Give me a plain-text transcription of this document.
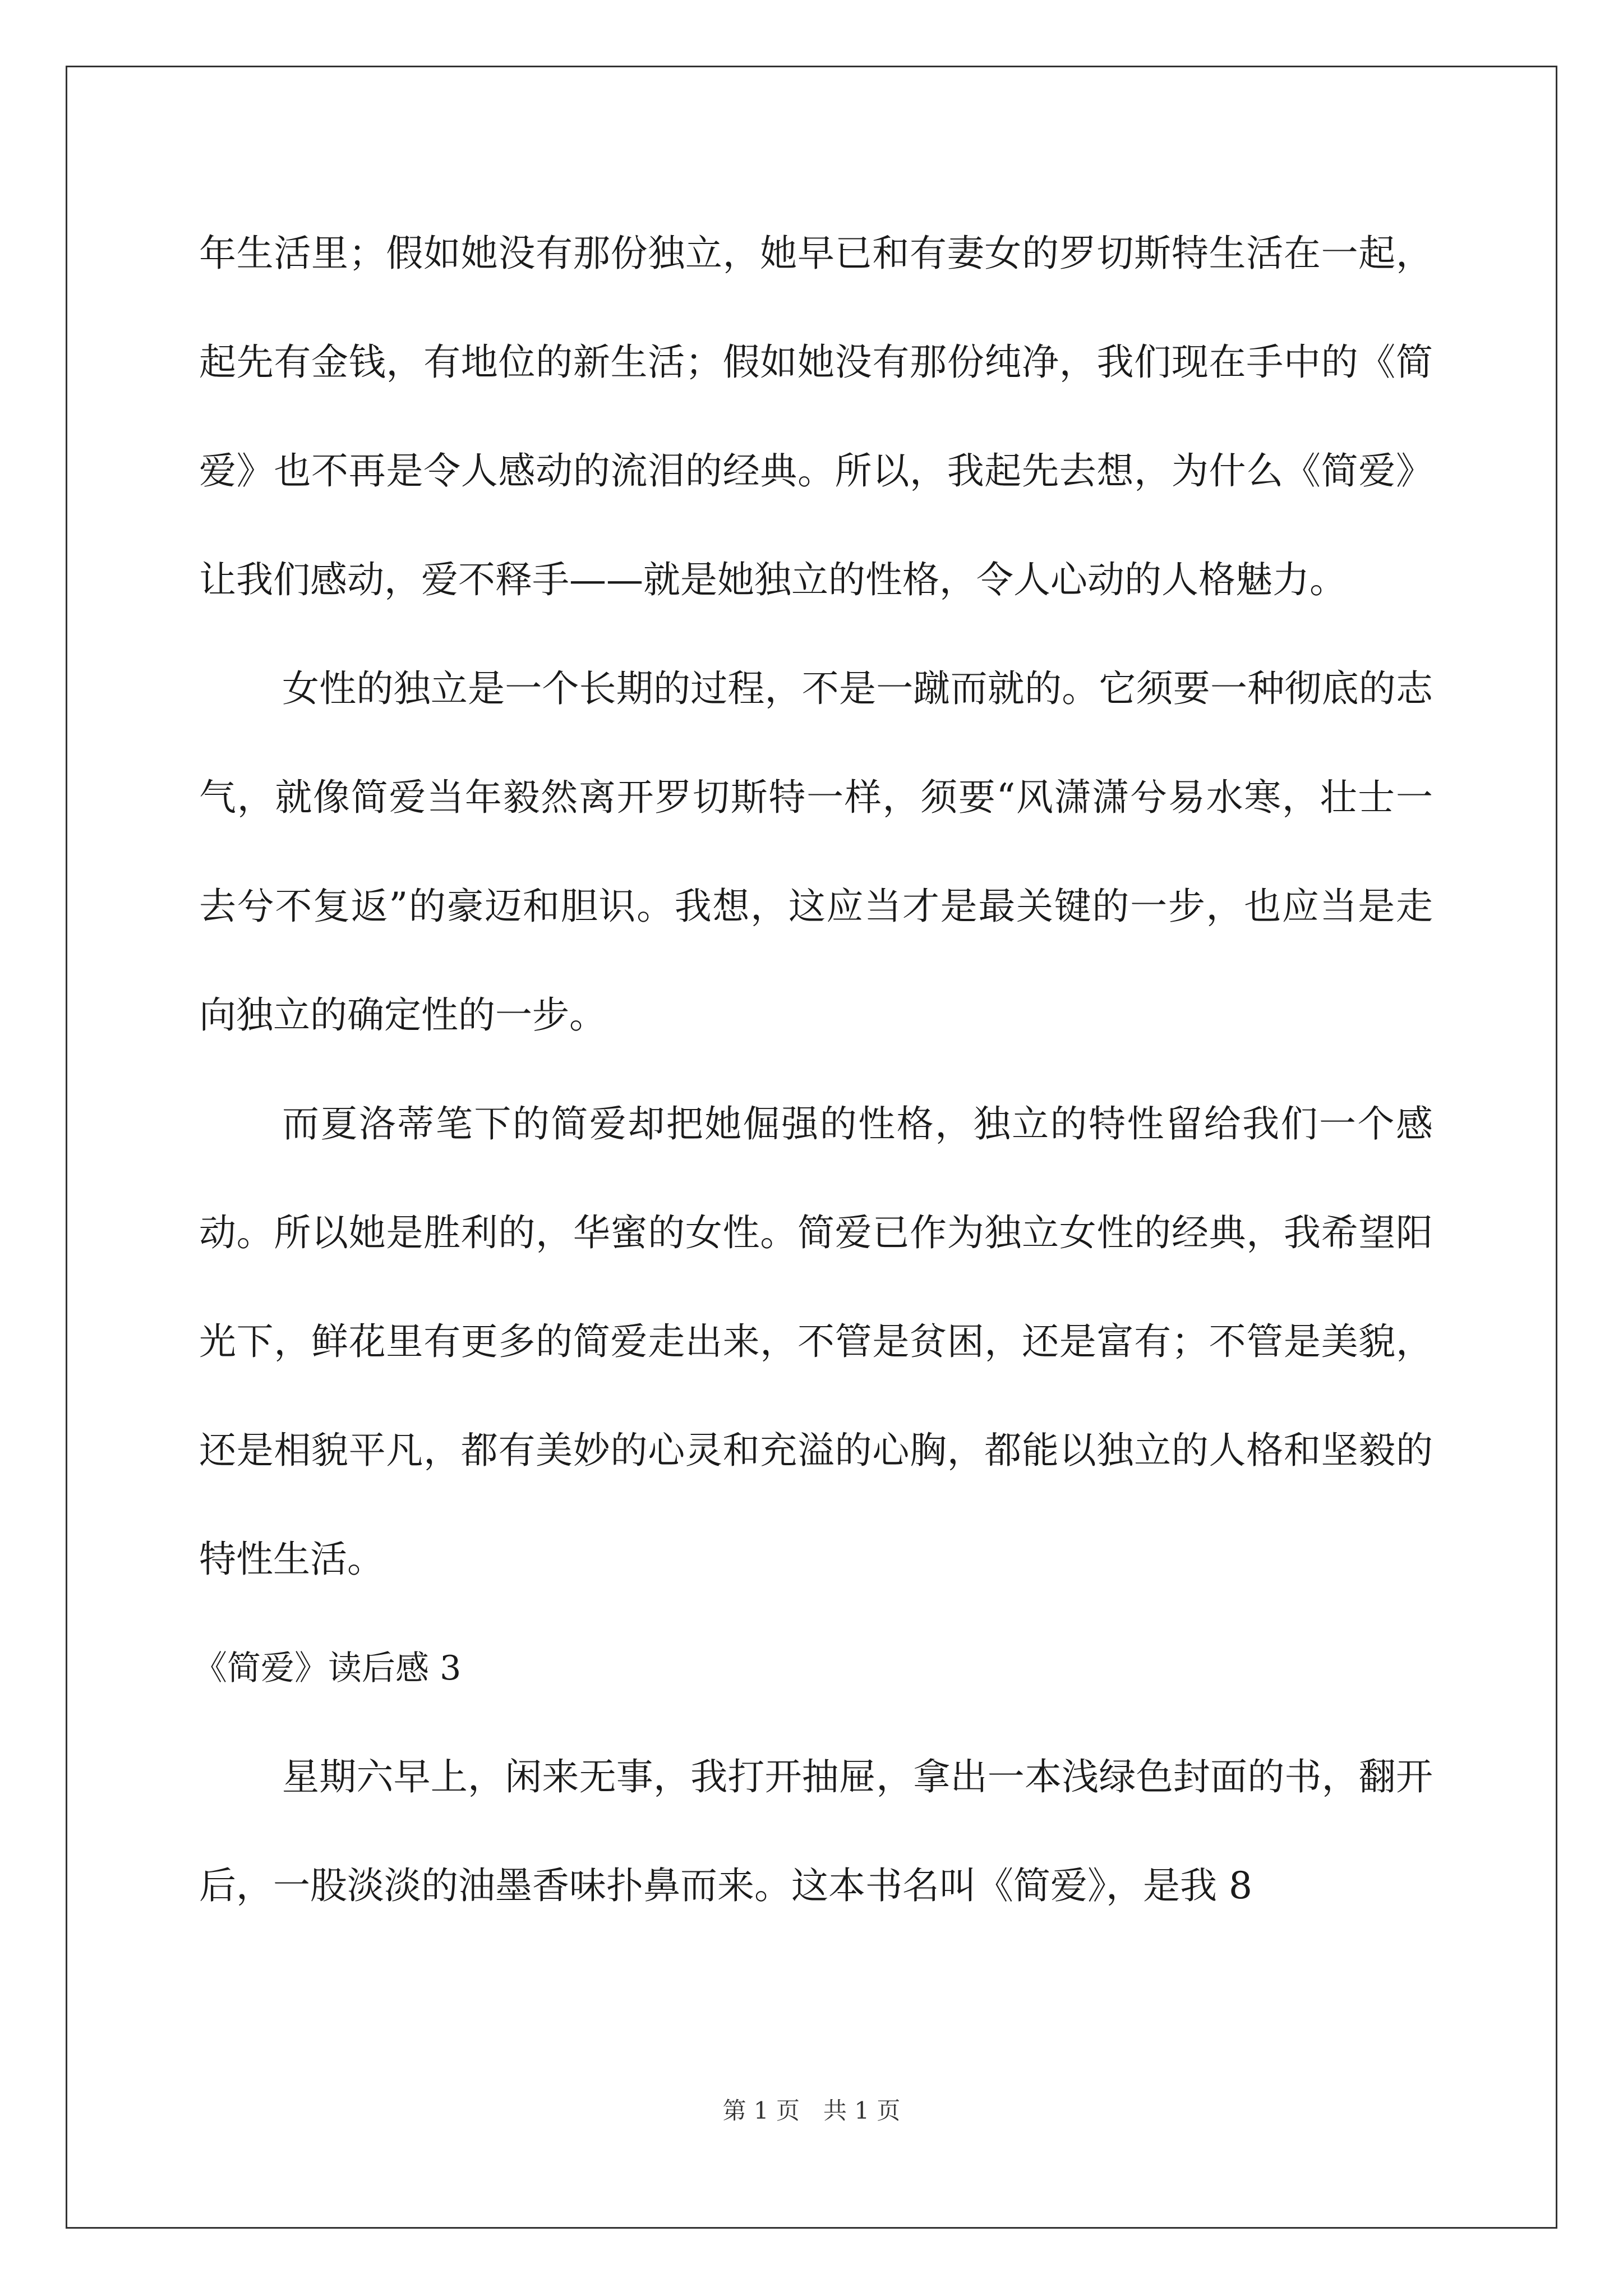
年生活里；假如她没有那份独立，她早已和有妻女的罗切斯特生活在一起，起先有金钱，有地位的新生活；假如她没有那份纯净，我们现在手中的《简爱》也不再是令人感动的流泪的经典。所以，我起先去想，为什么《简爱》让我们感动，爱不释手——就是她独立的性格，令人心动的人格魅力。

女性的独立是一个长期的过程，不是一蹴而就的。它须要一种彻底的志气，就像简爱当年毅然离开罗切斯特一样，须要“风潇潇兮易水寒，壮士一去兮不复返”的豪迈和胆识。我想，这应当才是最关键的一步，也应当是走向独立的确定性的一步。

而夏洛蒂笔下的简爱却把她倔强的性格，独立的特性留给我们一个感动。所以她是胜利的，华蜜的女性。简爱已作为独立女性的经典，我希望阳光下，鲜花里有更多的简爱走出来，不管是贫困，还是富有；不管是美貌，还是相貌平凡，都有美妙的心灵和充溢的心胸，都能以独立的人格和坚毅的特性生活。

《简爱》读后感 3

星期六早上，闲来无事，我打开抽屉，拿出一本浅绿色封面的书，翻开后，一股淡淡的油墨香味扑鼻而来。这本书名叫《简爱》，是我 8

第 1 页　共 1 页
